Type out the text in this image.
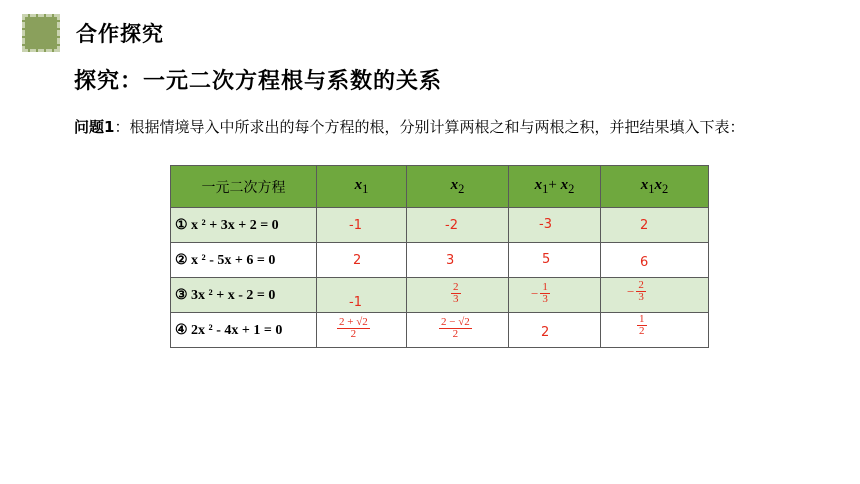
合作探究
探究：一元二次方程根与系数的关系
问题1：根据情境导入中所求出的每个方程的根，分别计算两根之和与两根之积，并把结果填入下表：
一元二次方程	$x_1$	$x_2$	$x_1+ x_2$	$x_1x_2$
① x ² + 3x + 2 = 0	-1	-2	-3	2

② x ² - 5x + 6 = 0	2	3	5	6

③ 3x ² + x - 2 = 0	-1	$\frac{2}{3}$	− $\frac{1}{3}$	− $\frac{2}{3}$

④ 2x ² - 4x + 1 = 0	$\frac{2 + √2}{2}$	$\frac{2 - √2}{2}$	2	$\frac{1}{2}$
